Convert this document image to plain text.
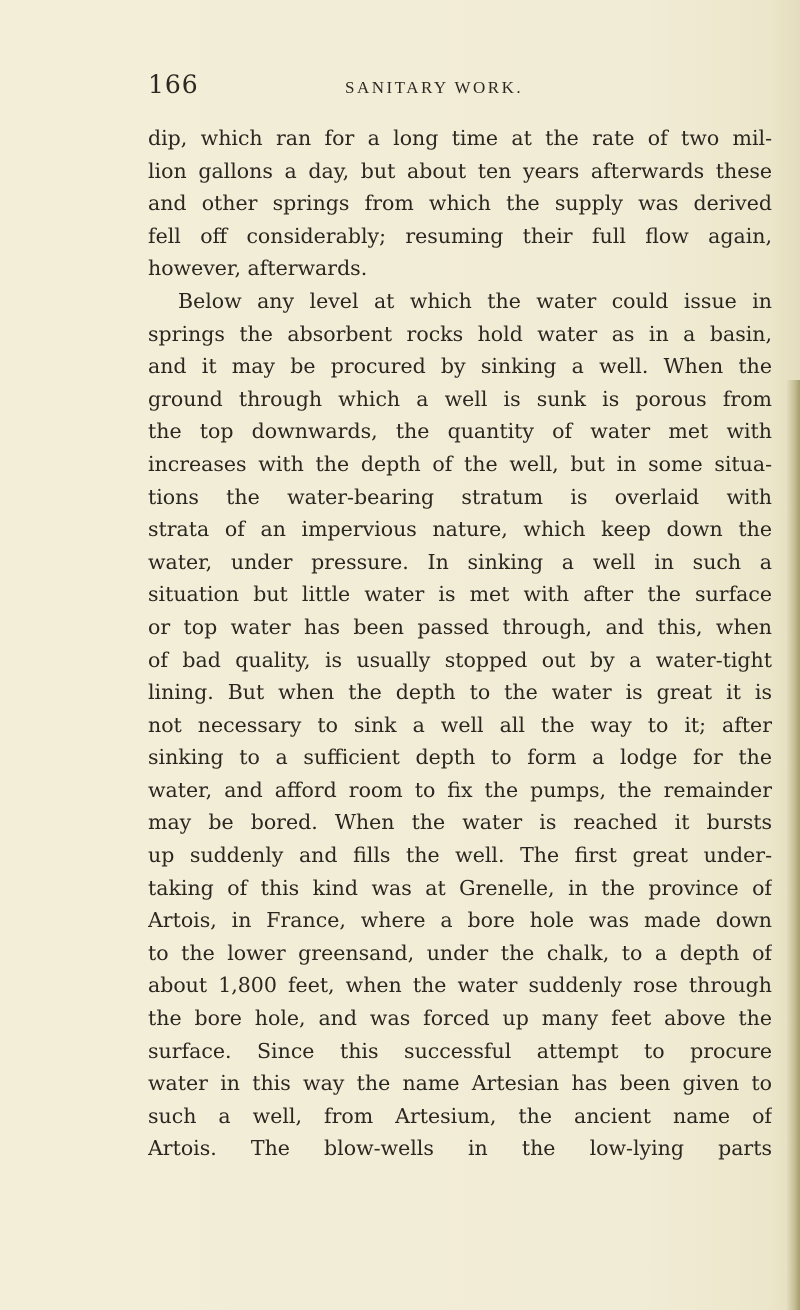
166	SANITARY WORK.
dip, which ran for a long time at the rate of two mil-
lion gallons a day, but about ten years afterwards these
and other springs from which the supply was derived
fell off considerably; resuming their full flow again,
however, afterwards.
Below any level at which the water could issue in
springs the absorbent rocks hold water as in a basin,
and it may be procured by sinking a well. When the
ground through which a well is sunk is porous from
the top downwards, the quantity of water met with
increases with the depth of the well, but in some situa-
tions the water-bearing stratum is overlaid with
strata of an impervious nature, which keep down the
water, under pressure. In sinking a well in such a
situation but little water is met with after the surface
or top water has been passed through, and this, when
of bad quality, is usually stopped out by a water-tight
lining. But when the depth to the water is great it is
not necessary to sink a well all the way to it; after
sinking to a sufficient depth to form a lodge for the
water, and afford room to fix the pumps, the remainder
may be bored. When the water is reached it bursts
up suddenly and fills the well. The first great under-
taking of this kind was at Grenelle, in the province of
Artois, in France, where a bore hole was made down
to the lower greensand, under the chalk, to a depth of
about 1,800 feet, when the water suddenly rose through
the bore hole, and was forced up many feet above the
surface. Since this successful attempt to procure
water in this way the name Artesian has been given to
such a well, from Artesium, the ancient name of
Artois. The blow-wells in the low-lying parts
